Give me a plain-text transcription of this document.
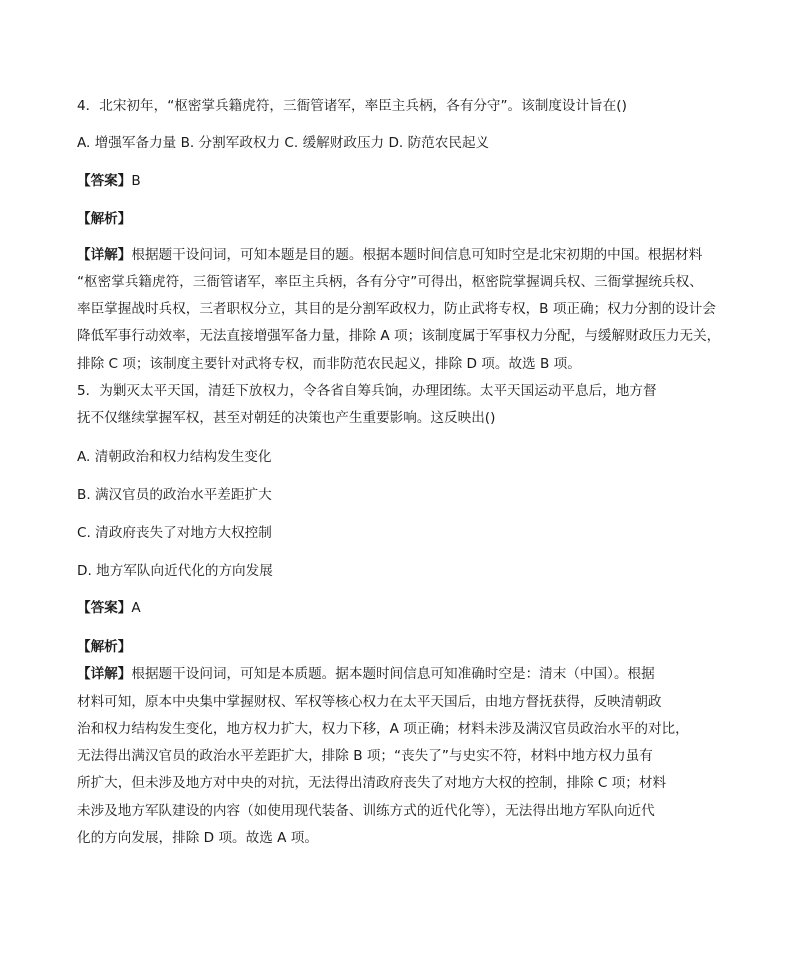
4．北宋初年，“枢密掌兵籍虎符，三衙管诸军，率臣主兵柄，各有分守”。该制度设计旨在()
A. 增强军备力量 B. 分割军政权力 C. 缓解财政压力 D. 防范农民起义
【答案】B
【解析】
【详解】根据题干设问词，可知本题是目的题。根据本题时间信息可知时空是北宋初期的中国。根据材料
“枢密掌兵籍虎符，三衙管诸军，率臣主兵柄，各有分守”可得出，枢密院掌握调兵权、三衙掌握统兵权、
率臣掌握战时兵权，三者职权分立，其目的是分割军政权力，防止武将专权，B 项正确；权力分割的设计会
降低军事行动效率，无法直接增强军备力量，排除 A 项；该制度属于军事权力分配，与缓解财政压力无关，
排除 C 项；该制度主要针对武将专权，而非防范农民起义，排除 D 项。故选 B 项。
5．为剿灭太平天国，清廷下放权力，令各省自筹兵饷，办理团练。太平天国运动平息后，地方督
抚不仅继续掌握军权，甚至对朝廷的决策也产生重要影响。这反映出()
A. 清朝政治和权力结构发生变化
B. 满汉官员的政治水平差距扩大
C. 清政府丧失了对地方大权控制
D. 地方军队向近代化的方向发展
【答案】A
【解析】
【详解】根据题干设问词，可知是本质题。据本题时间信息可知准确时空是：清末（中国）。根据
材料可知，原本中央集中掌握财权、军权等核心权力在太平天国后，由地方督抚获得，反映清朝政
治和权力结构发生变化，地方权力扩大，权力下移，A 项正确；材料未涉及满汉官员政治水平的对比，
无法得出满汉官员的政治水平差距扩大，排除 B 项；“丧失了”与史实不符，材料中地方权力虽有
所扩大，但未涉及地方对中央的对抗，无法得出清政府丧失了对地方大权的控制，排除 C 项；材料
未涉及地方军队建设的内容（如使用现代装备、训练方式的近代化等），无法得出地方军队向近代
化的方向发展，排除 D 项。故选 A 项。
